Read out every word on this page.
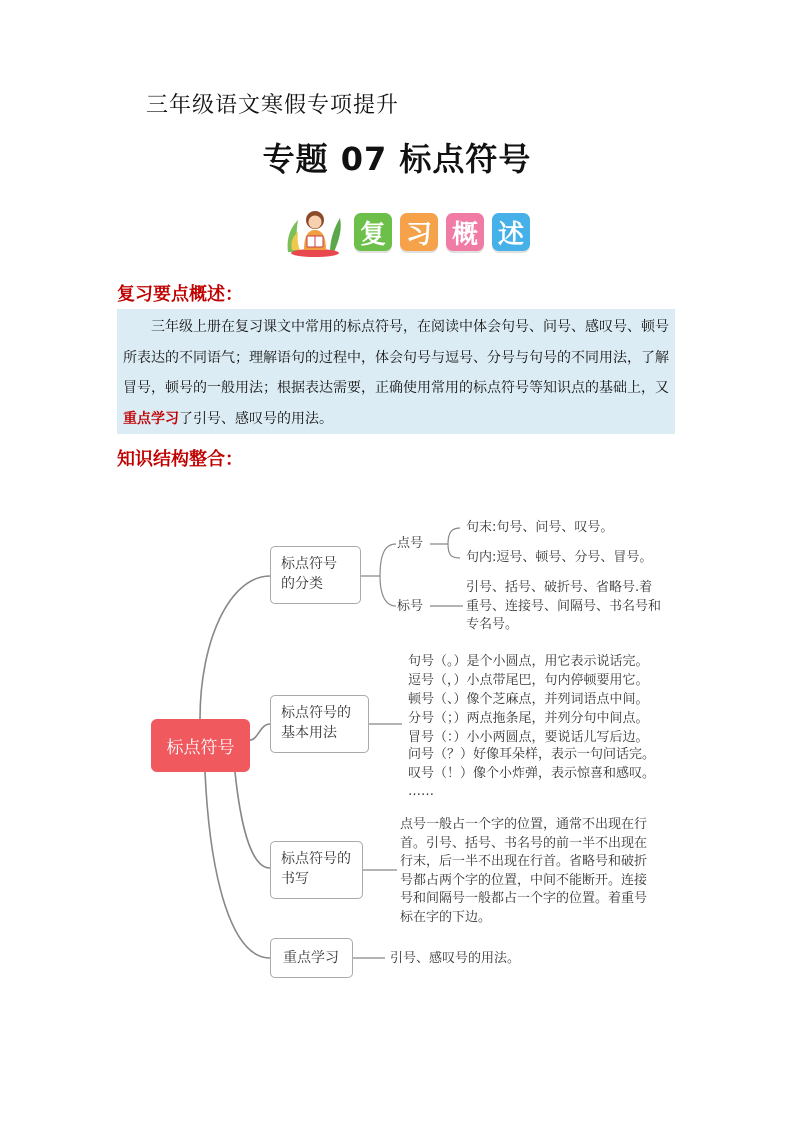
三年级语文寒假专项提升
专题 07 标点符号
复 习 概 述
复习要点概述：
三年级上册在复习课文中常用的标点符号，在阅读中体会句号、问号、感叹号、顿号所表达的不同语气；理解语句的过程中，体会句号与逗号、分号与句号的不同用法，了解冒号，顿号的一般用法；根据表达需要，正确使用常用的标点符号等知识点的基础上，又重点学习了引号、感叹号的用法。
知识结构整合：
标点符号
标点符号的分类
标点符号的基本用法
标点符号的书写
重点学习
点号
句末:句号、问号、叹号。
句内:逗号、顿号、分号、冒号。
标号
引号、括号、破折号、省略号.着重号、连接号、间隔号、书名号和专名号。
句号（。）是个小圆点，用它表示说话完。
逗号（，）小点带尾巴，句内停顿要用它。
顿号（、）像个芝麻点，并列词语点中间。
分号（；）两点拖条尾，并列分句中间点。
冒号（：）小小两圆点，要说话儿写后边。
问号（？）好像耳朵样，表示一句问话完。
叹号（！）像个小炸弹，表示惊喜和感叹。
……
点号一般占一个字的位置，通常不出现在行首。引号、括号、书名号的前一半不出现在行末，后一半不出现在行首。省略号和破折号都占两个字的位置，中间不能断开。连接号和间隔号一般都占一个字的位置。着重号标在字的下边。
引号、感叹号的用法。
